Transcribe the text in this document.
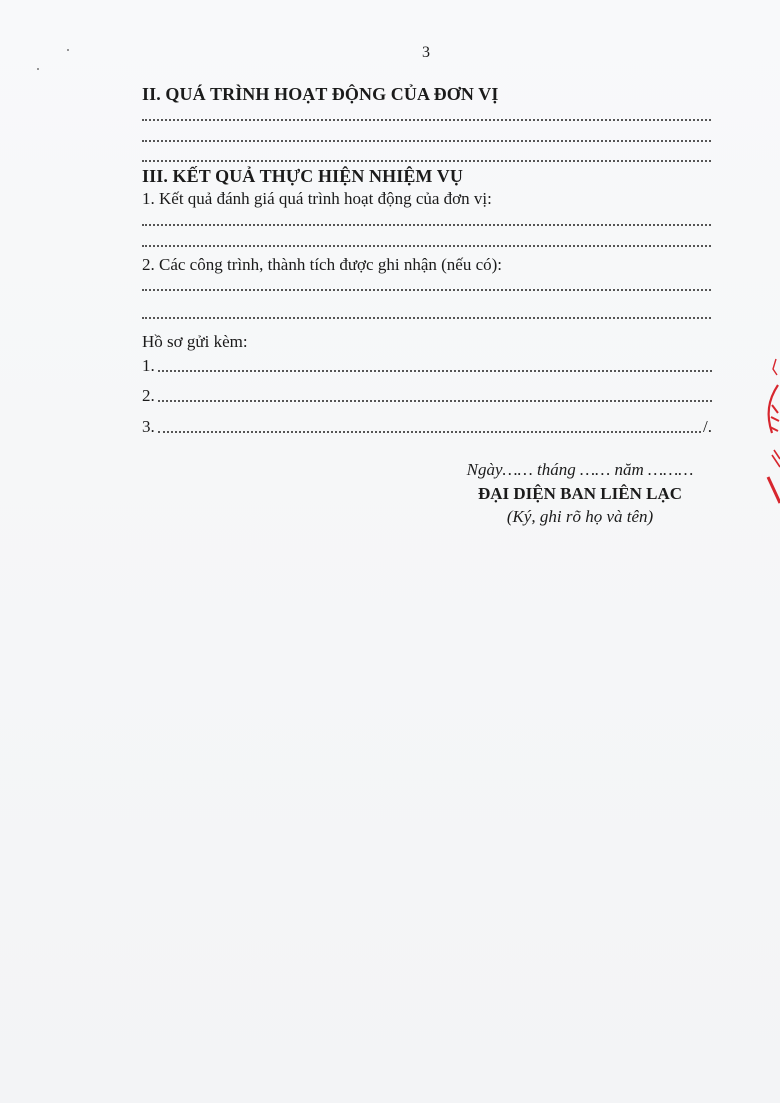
3
II. QUÁ TRÌNH HOẠT ĐỘNG CỦA ĐƠN VỊ
III. KẾT QUẢ THỰC HIỆN NHIỆM VỤ
1. Kết quả đánh giá quá trình hoạt động của đơn vị:
2. Các công trình, thành tích được ghi nhận (nếu có):
Hồ sơ gửi kèm:
1.
2.
3.	/.
Ngày…… tháng …… năm ………
ĐẠI DIỆN BAN LIÊN LẠC
(Ký, ghi rõ họ và tên)
